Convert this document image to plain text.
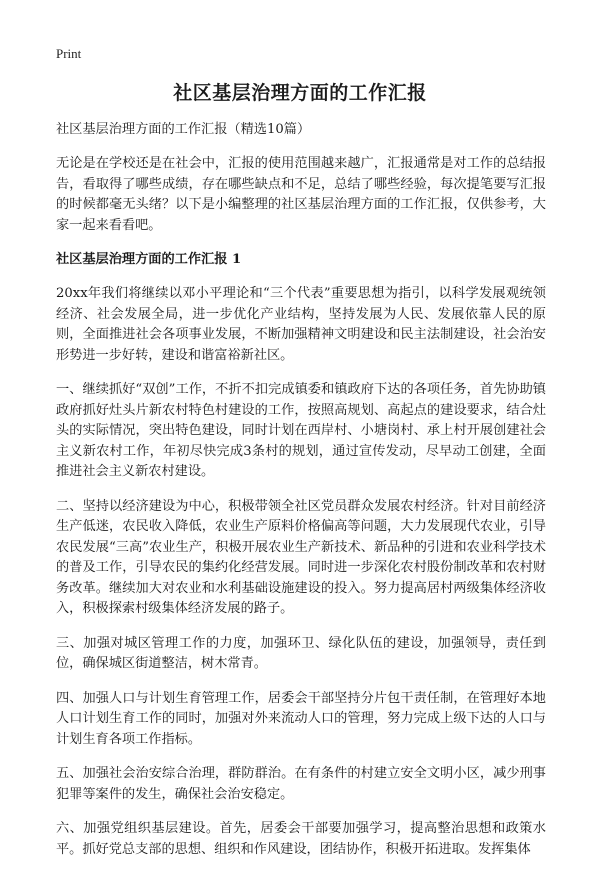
Print
社区基层治理方面的工作汇报

社区基层治理方面的工作汇报（精选10篇）

无论是在学校还是在社会中，汇报的使用范围越来越广，汇报通常是对工作的总结报告，看取得了哪些成绩，存在哪些缺点和不足，总结了哪些经验，每次提笔要写汇报的时候都毫无头绪？以下是小编整理的社区基层治理方面的工作汇报，仅供参考，大家一起来看看吧。

社区基层治理方面的工作汇报 1

20xx年我们将继续以邓小平理论和“三个代表”重要思想为指引，以科学发展观统领经济、社会发展全局，进一步优化产业结构，坚持发展为人民、发展依靠人民的原则，全面推进社会各项事业发展，不断加强精神文明建设和民主法制建设，社会治安形势进一步好转，建设和谐富裕新社区。

一、继续抓好“双创”工作，不折不扣完成镇委和镇政府下达的各项任务，首先协助镇政府抓好灶头片新农村特色村建设的工作，按照高规划、高起点的建设要求，结合灶头的实际情况，突出特色建设，同时计划在西岸村、小塘岗村、承上村开展创建社会主义新农村工作，年初尽快完成3条村的规划，通过宣传发动，尽早动工创建，全面推进社会主义新农村建设。

二、坚持以经济建设为中心，积极带领全社区党员群众发展农村经济。针对目前经济生产低迷，农民收入降低，农业生产原料价格偏高等问题，大力发展现代农业，引导农民发展“三高”农业生产，积极开展农业生产新技术、新品种的引进和农业科学技术的普及工作，引导农民的集约化经营发展。同时进一步深化农村股份制改革和农村财务改革。继续加大对农业和水利基础设施建设的投入。努力提高居村两级集体经济收入，积极探索村级集体经济发展的路子。

三、加强对城区管理工作的力度，加强环卫、绿化队伍的建设，加强领导，责任到位，确保城区街道整洁，树木常青。

四、加强人口与计划生育管理工作，居委会干部坚持分片包干责任制，在管理好本地人口计划生育工作的同时，加强对外来流动人口的管理，努力完成上级下达的人口与计划生育各项工作指标。

五、加强社会治安综合治理，群防群治。在有条件的村建立安全文明小区，减少刑事犯罪等案件的发生，确保社会治安稳定。

六、加强党组织基层建设。首先，居委会干部要加强学习，提高整治思想和政策水平。抓好党总支部的思想、组织和作风建设，团结协作，积极开拓进取。发挥集体
